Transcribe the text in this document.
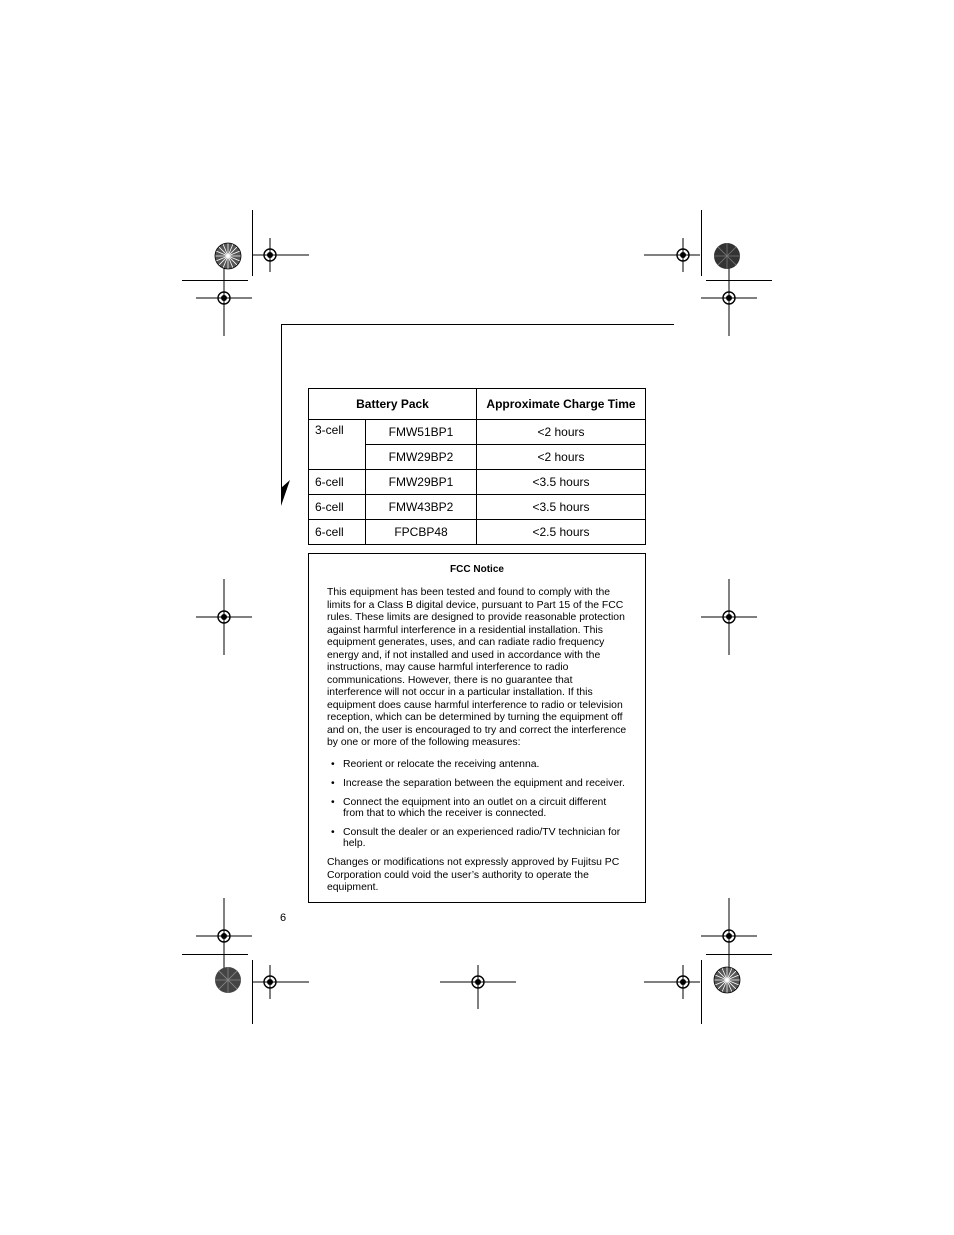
Battery Pack		Approximate Charge Time
3-cell	FMW51BP1	<2 hours
	FMW29BP2	<2 hours
6-cell	FMW29BP1	<3.5 hours
6-cell	FMW43BP2	<3.5 hours
6-cell	FPCBP48	<2.5 hours
FCC Notice
This equipment has been tested and found to comply with the limits for a Class B digital device, pursuant to Part 15 of the FCC rules. These limits are designed to provide reasonable protection against harmful interference in a residential installation. This equipment generates, uses, and can radiate radio frequency energy and, if not installed and used in accordance with the instructions, may cause harmful interference to radio communications. However, there is no guarantee that interference will not occur in a particular installation. If this equipment does cause harmful interference to radio or television reception, which can be determined by turning the equipment off and on, the user is encouraged to try and correct the interference by one or more of the following measures:
• Reorient or relocate the receiving antenna.
• Increase the separation between the equipment and receiver.
• Connect the equipment into an outlet on a circuit different from that to which the receiver is connected.
• Consult the dealer or an experienced radio/TV technician for help.
Changes or modifications not expressly approved by Fujitsu PC Corporation could void the user’s authority to operate the equipment.
6
